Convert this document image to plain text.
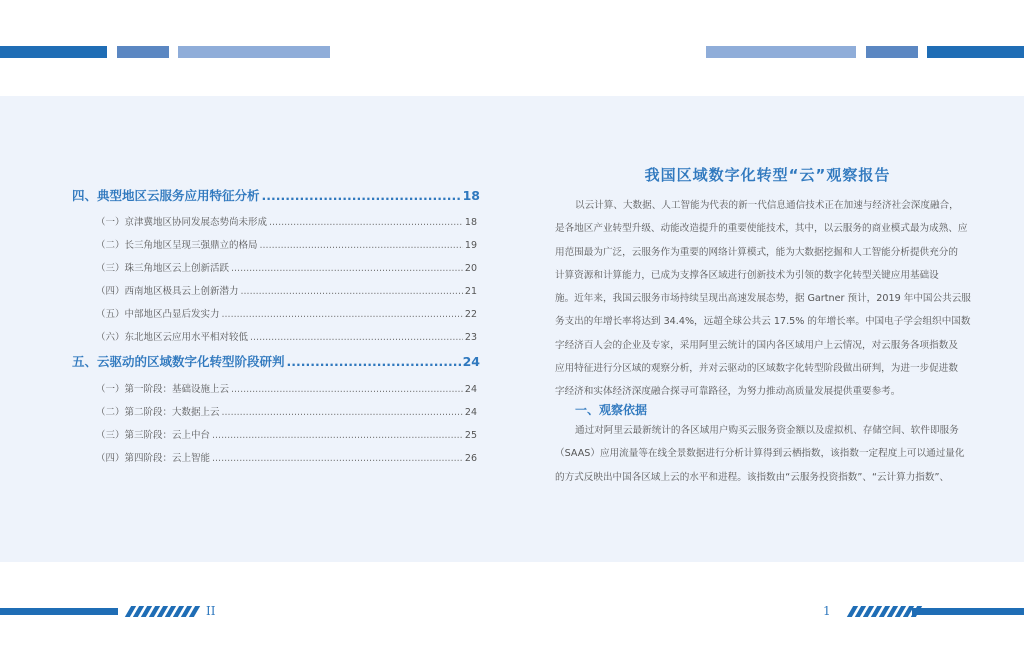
四、典型地区云服务应用特征分析 .....	18
（一）京津冀地区协同发展态势尚未形成 .....	18
（二）长三角地区呈现三强鼎立的格局 .....	19
（三）珠三角地区云上创新活跃 .....	20
（四）西南地区极具云上创新潜力 .....	21
（五）中部地区凸显后发实力 .....	22
（六）东北地区云应用水平相对较低 .....	23
五、云驱动的区域数字化转型阶段研判 .....	24
（一）第一阶段：基础设施上云 .....	24
（二）第二阶段：大数据上云 .....	24
（三）第三阶段：云上中台 .....	25
（四）第四阶段：云上智能 .....	26
我国区域数字化转型“云”观察报告
以云计算、大数据、人工智能为代表的新一代信息通信技术正在加速与经济社会深度融合，
是各地区产业转型升级、动能改造提升的重要使能技术，其中，以云服务的商业模式最为成熟、应
用范围最为广泛，云服务作为重要的网络计算模式，能为大数据挖掘和人工智能分析提供充分的
计算资源和计算能力，已成为支撑各区域进行创新技术为引领的数字化转型关键应用基础设
施。近年来，我国云服务市场持续呈现出高速发展态势，据 Gartner 预计，2019 年中国公共云服
务支出的年增长率将达到 34.4%，远超全球公共云 17.5% 的年增长率。中国电子学会组织中国数
字经济百人会的企业及专家，采用阿里云统计的国内各区域用户上云情况，对云服务各项指数及
应用特征进行分区域的观察分析，并对云驱动的区域数字化转型阶段做出研判，为进一步促进数
字经济和实体经济深度融合探寻可靠路径，为努力推动高质量发展提供重要参考。
一、观察依据
通过对阿里云最新统计的各区域用户购买云服务资金额以及虚拟机、存储空间、软件即服务
（SAAS）应用流量等在线全景数据进行分析计算得到云栖指数，该指数一定程度上可以通过量化
的方式反映出中国各区域上云的水平和进程。该指数由“云服务投资指数”、“云计算力指数”、
II	1
